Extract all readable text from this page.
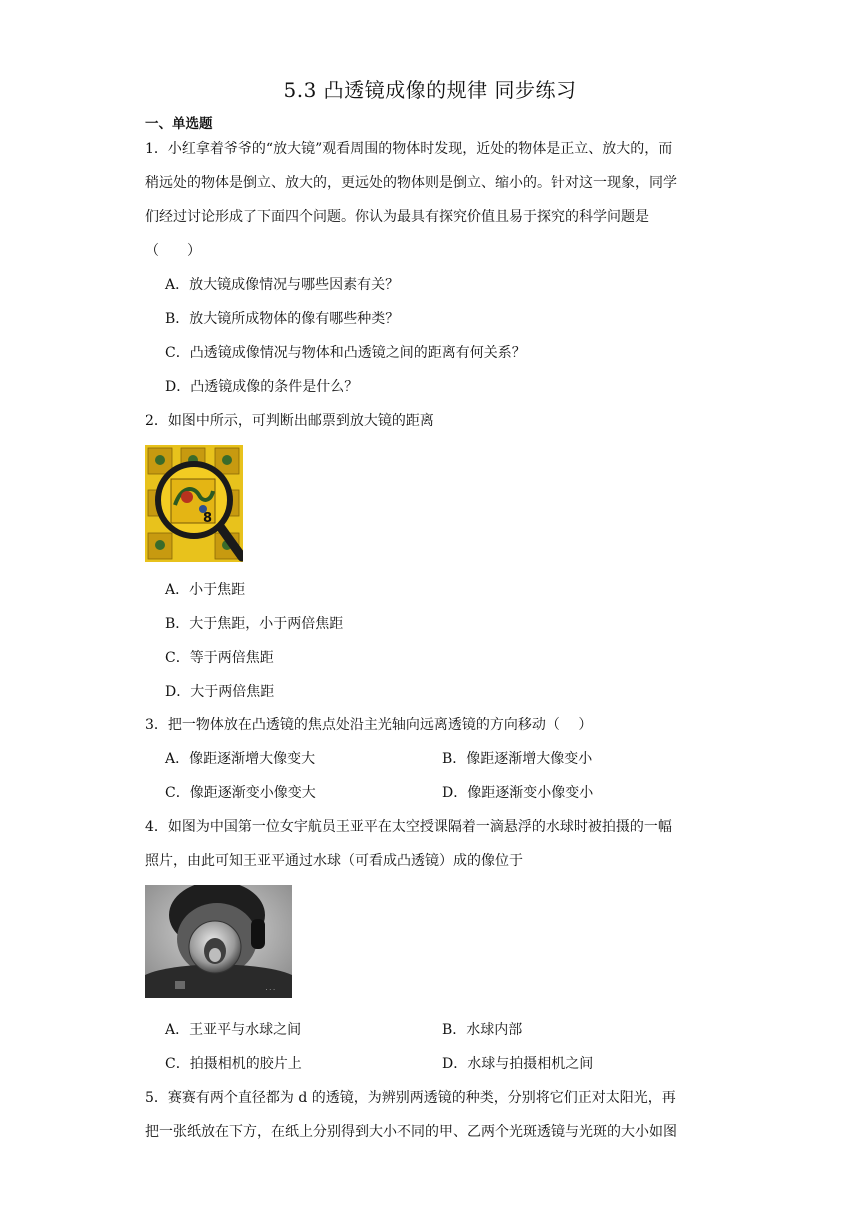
5.3 凸透镜成像的规律 同步练习
一、单选题
1．小红拿着爷爷的“放大镜”观看周围的物体时发现，近处的物体是正立、放大的，而
稍远处的物体是倒立、放大的，更远处的物体则是倒立、缩小的。针对这一现象，同学
们经过讨论形成了下面四个问题。你认为最具有探究价值且易于探究的科学问题是
（　　）
A．放大镜成像情况与哪些因素有关？
B．放大镜所成物体的像有哪些种类？
C．凸透镜成像情况与物体和凸透镜之间的距离有何关系？
D．凸透镜成像的条件是什么？
2．如图中所示，可判断出邮票到放大镜的距离
8
A．小于焦距
B．大于焦距，小于两倍焦距
C．等于两倍焦距
D．大于两倍焦距
3．把一物体放在凸透镜的焦点处沿主光轴向远离透镜的方向移动（　 ）
A．像距逐渐增大像变大	B．像距逐渐增大像变小
C．像距逐渐变小像变大	D．像距逐渐变小像变小
4．如图为中国第一位女宇航员王亚平在太空授课隔着一滴悬浮的水球时被拍摄的一幅
照片，由此可知王亚平通过水球（可看成凸透镜）成的像位于
· · ·
A．王亚平与水球之间	B．水球内部
C．拍摄相机的胶片上	D．水球与拍摄相机之间
5．赛赛有两个直径都为 d 的透镜，为辨别两透镜的种类，分别将它们正对太阳光，再
把一张纸放在下方，在纸上分别得到大小不同的甲、乙两个光斑透镜与光斑的大小如图
